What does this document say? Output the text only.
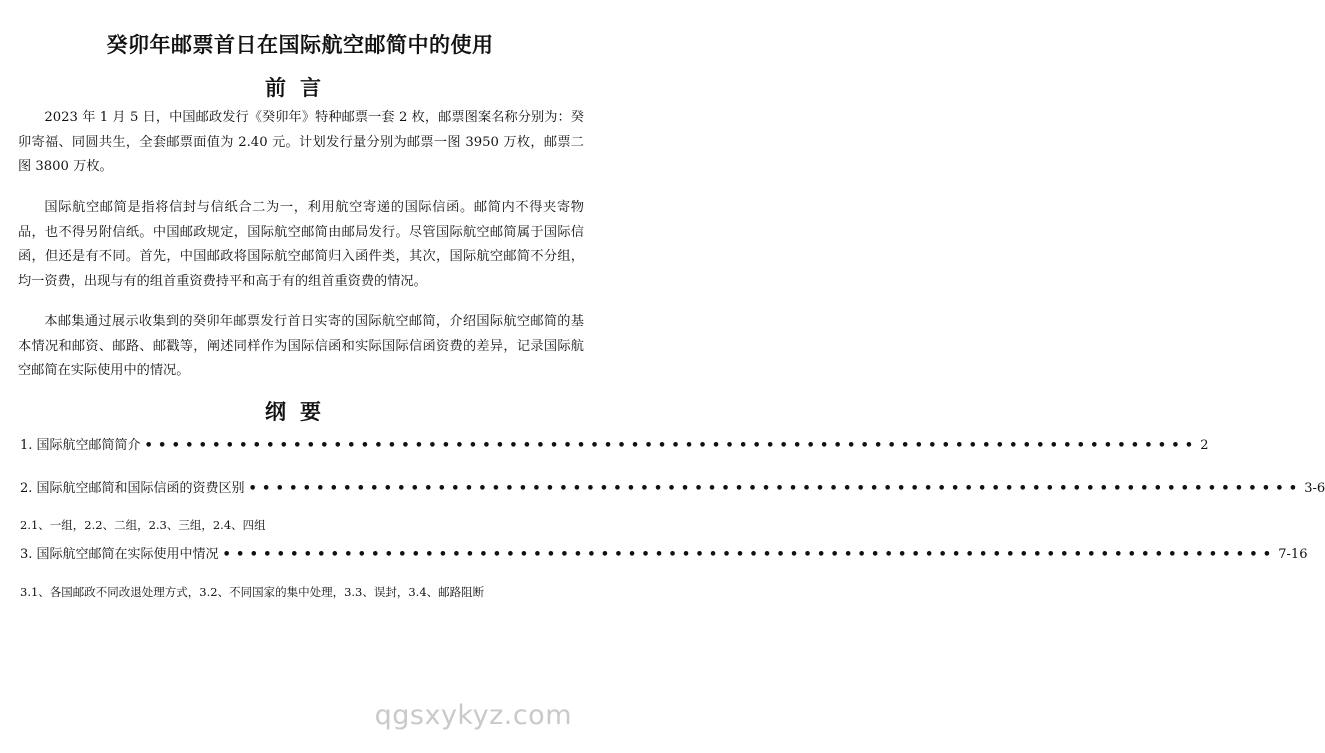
癸卯年邮票首日在国际航空邮简中的使用
前言

2023 年 1 月 5 日，中国邮政发行《癸卯年》特种邮票一套 2 枚，邮票图案名称分别为：癸卯寄福、同圆共生，全套邮票面值为 2.40 元。计划发行量分别为邮票一图 3950 万枚，邮票二图 3800 万枚。

国际航空邮简是指将信封与信纸合二为一，利用航空寄递的国际信函。邮简内不得夹寄物品，也不得另附信纸。中国邮政规定，国际航空邮简由邮局发行。尽管国际航空邮简属于国际信函，但还是有不同。首先，中国邮政将国际航空邮简归入函件类，其次，国际航空邮简不分组，均一资费，出现与有的组首重资费持平和高于有的组首重资费的情况。

本邮集通过展示收集到的癸卯年邮票发行首日实寄的国际航空邮简，介绍国际航空邮简的基本情况和邮资、邮路、邮戳等，阐述同样作为国际信函和实际国际信函资费的差异，记录国际航空邮简在实际使用中的情况。

纲要
1. 国际航空邮简简介 •••••••••••••••••••••••••••••••••••••••••••••••••••••••••••••••••••••••••••••• 2
2. 国际航空邮简和国际信函的资费区别 •••••••••••••••••••••••••••••••••••••••••••••••••••••••••••••••••••••••••••••• 3-6
2.1、一组，2.2、二组，2.3、三组，2.4、四组
3. 国际航空邮简在实际使用中情况 •••••••••••••••••••••••••••••••••••••••••••••••••••••••••••••••••••••••••••••• 7-16
3.1、各国邮政不同改退处理方式，3.2、不同国家的集中处理，3.3、误封，3.4、邮路阻断
qgsxykyz.com
